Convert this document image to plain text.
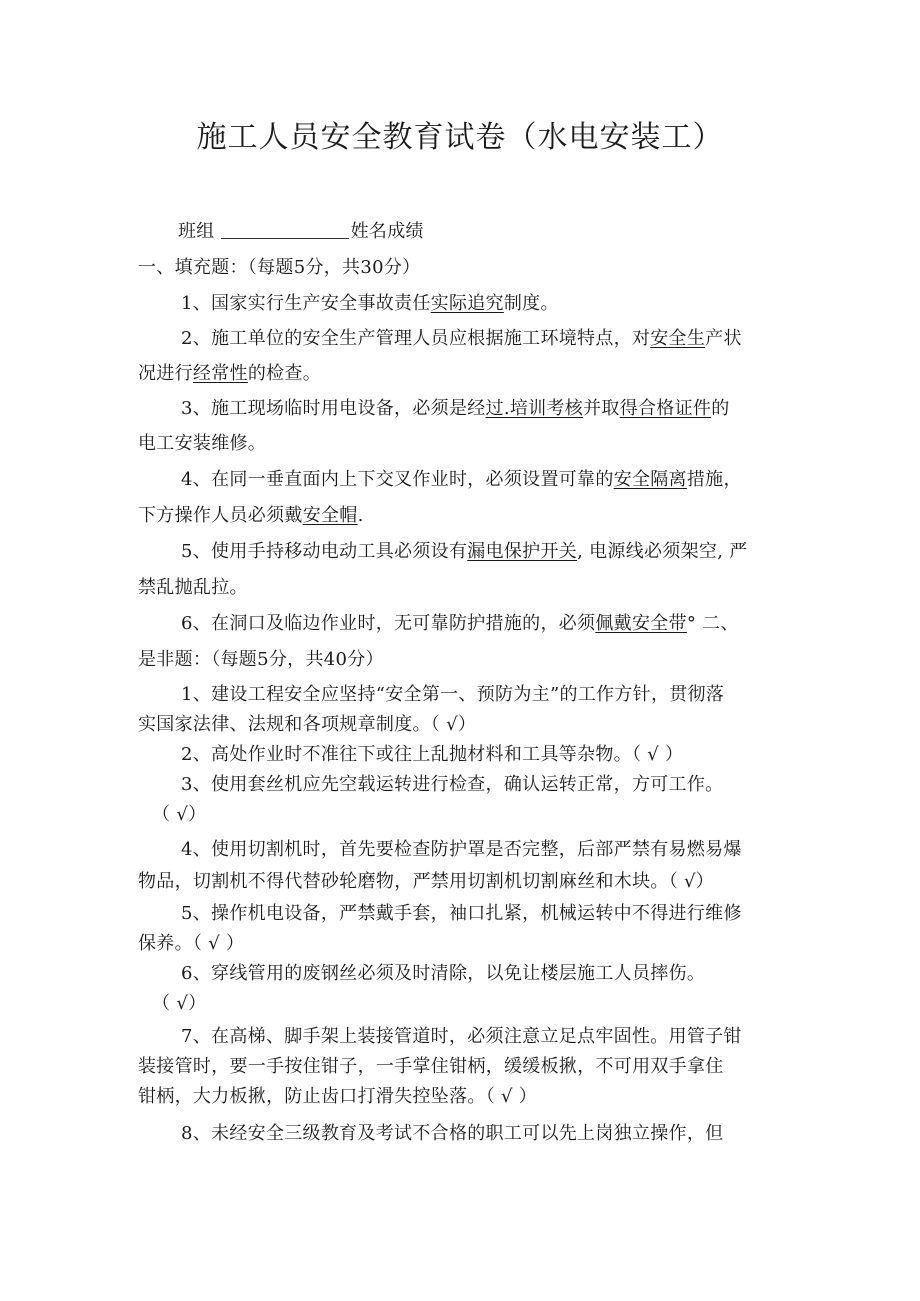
施工人员安全教育试卷（水电安装工）
班组	姓名成绩
一、填充题：（每题5分，共30分）
1、国家实行生产安全事故责任实际追究制度。
2、施工单位的安全生产管理人员应根据施工环境特点，对安全生产状
况进行经常性的检查。
3、施工现场临时用电设备，必须是经过.培训考核并取得合格证件的
电工安装维修。
4、在同一垂直面内上下交叉作业时，必须设置可靠的安全隔离措施，
下方操作人员必须戴安全帽.
5、使用手持移动电动工具必须设有漏电保护开关, 电源线必须架空, 严
禁乱抛乱拉。
6、在洞口及临边作业时，无可靠防护措施的，必须佩戴安全带° 二、
是非题：（每题5分，共40分）
1、建设工程安全应坚持“安全第一、预防为主”的工作方针，贯彻落
实国家法律、法规和各项规章制度。（ √）
2、高处作业时不准往下或往上乱抛材料和工具等杂物。（ √ ）
3、使用套丝机应先空载运转进行检查，确认运转正常，方可工作。
（ √）
4、使用切割机时，首先要检查防护罩是否完整，后部严禁有易燃易爆
物品，切割机不得代替砂轮磨物，严禁用切割机切割麻丝和木块。（ √）
5、操作机电设备，严禁戴手套，袖口扎紧，机械运转中不得进行维修
保养。（ √ ）
6、穿线管用的废钢丝必须及时清除，以免让楼层施工人员摔伤。
（ √）
7、在高梯、脚手架上装接管道时，必须注意立足点牢固性。用管子钳
装接管时，要一手按住钳子，一手掌住钳柄，缓缓板揪，不可用双手拿住
钳柄，大力板揪，防止齿口打滑失控坠落。（ √ ）
8、未经安全三级教育及考试不合格的职工可以先上岗独立操作，但
